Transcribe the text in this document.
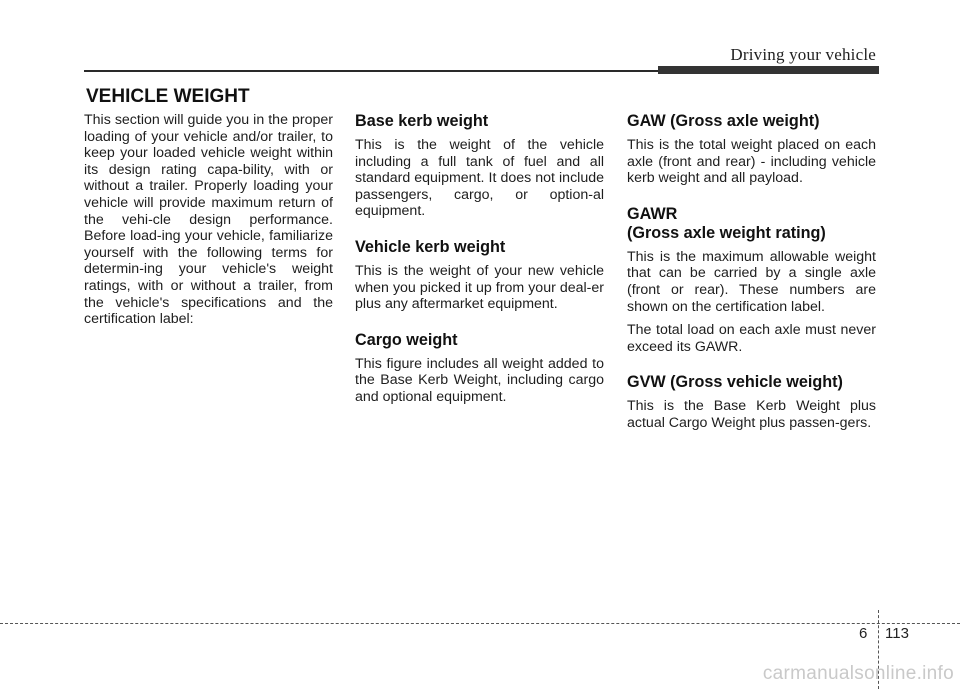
Driving your vehicle
VEHICLE WEIGHT

This section will guide you in the proper loading of your vehicle and/or trailer, to keep your loaded vehicle weight within its design rating capa-bility, with or without a trailer. Properly loading your vehicle will provide maximum return of the vehi-cle design performance. Before load-ing your vehicle, familiarize yourself with the following terms for determin-ing your vehicle's weight ratings, with or without a trailer, from the vehicle's specifications and the certification label:

Base kerb weight

This is the weight of the vehicle including a full tank of fuel and all standard equipment. It does not include passengers, cargo, or option-al equipment.

Vehicle kerb weight

This is the weight of your new vehicle when you picked it up from your deal-er plus any aftermarket equipment.

Cargo weight

This figure includes all weight added to the Base Kerb Weight, including cargo and optional equipment.

GAW (Gross axle weight)

This is the total weight placed on each axle (front and rear) - including vehicle kerb weight and all payload.

GAWR
(Gross axle weight rating)

This is the maximum allowable weight that can be carried by a single axle (front or rear). These numbers are shown on the certification label.

The total load on each axle must never exceed its GAWR.

GVW (Gross vehicle weight)

This is the Base Kerb Weight plus actual Cargo Weight plus passen-gers.

6 113
carmanualsonline.info
